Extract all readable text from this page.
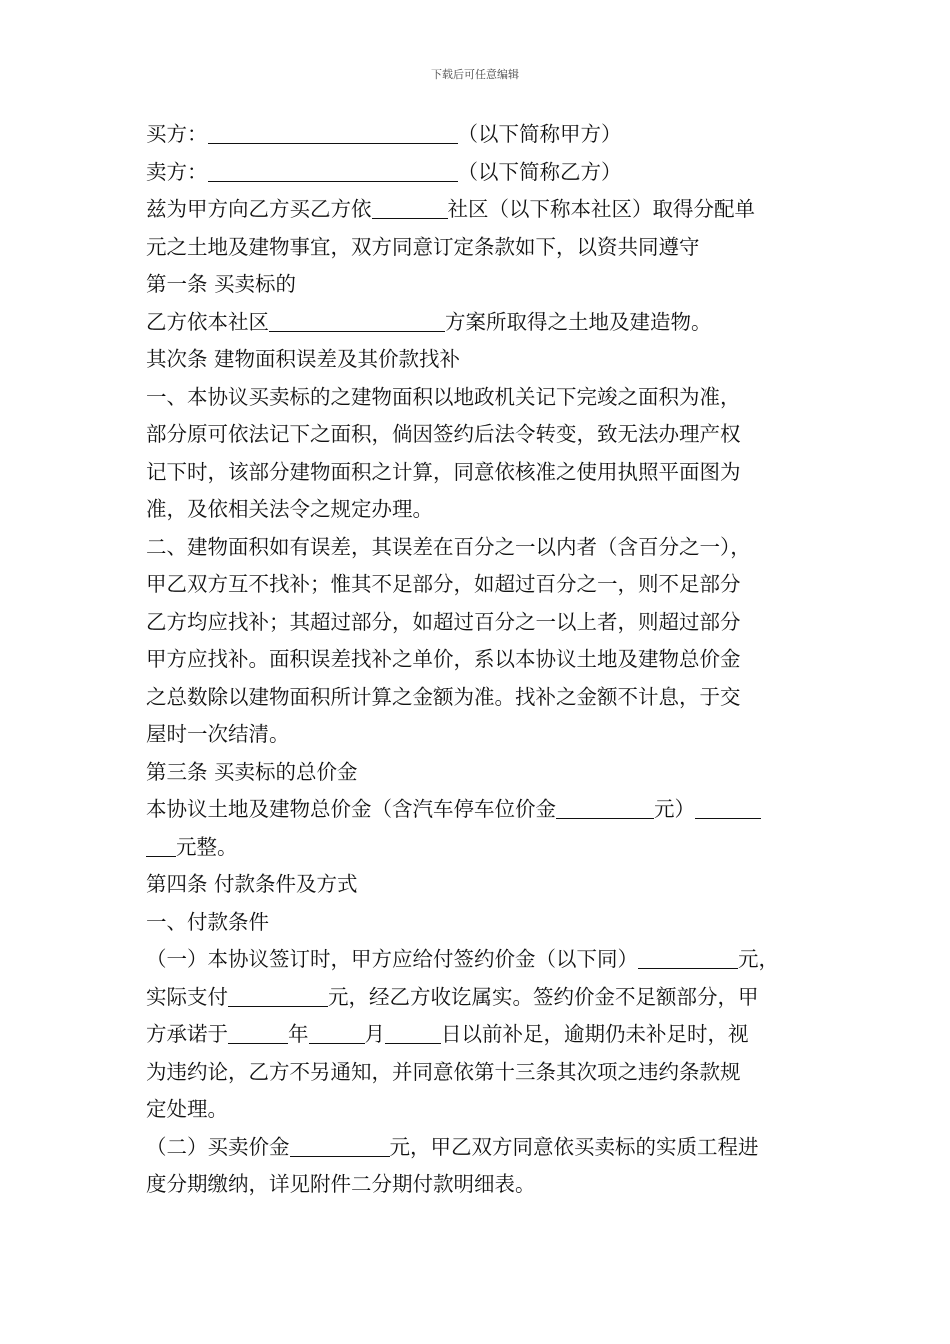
下载后可任意编辑
买方：	（以下简称甲方）
卖方：	（以下简称乙方）
兹为甲方向乙方买乙方依	社区（以下称本社区）取得分配单
元之土地及建物事宜，双方同意订定条款如下，以资共同遵守
第一条 买卖标的
乙方依本社区	方案所取得之土地及建造物。
其次条 建物面积误差及其价款找补
一、本协议买卖标的之建物面积以地政机关记下完竣之面积为准，
部分原可依法记下之面积，倘因签约后法令转变，致无法办理产权
记下时，该部分建物面积之计算，同意依核准之使用执照平面图为
准，及依相关法令之规定办理。
二、建物面积如有误差，其误差在百分之一以内者（含百分之一），
甲乙双方互不找补；惟其不足部分，如超过百分之一，则不足部分
乙方均应找补；其超过部分，如超过百分之一以上者，则超过部分
甲方应找补。面积误差找补之单价，系以本协议土地及建物总价金
之总数除以建物面积所计算之金额为准。找补之金额不计息，于交
屋时一次结清。
第三条 买卖标的总价金
本协议土地及建物总价金（含汽车停车位价金	元）
元整。
第四条 付款条件及方式
一、付款条件
（一）本协议签订时，甲方应给付签约价金（以下同）	元，
实际支付	元，经乙方收讫属实。签约价金不足额部分，甲
方承诺于	年	月	日以前补足，逾期仍未补足时，视
为违约论，乙方不另通知，并同意依第十三条其次项之违约条款规
定处理。
（二）买卖价金	元，甲乙双方同意依买卖标的实质工程进
度分期缴纳，详见附件二分期付款明细表。
